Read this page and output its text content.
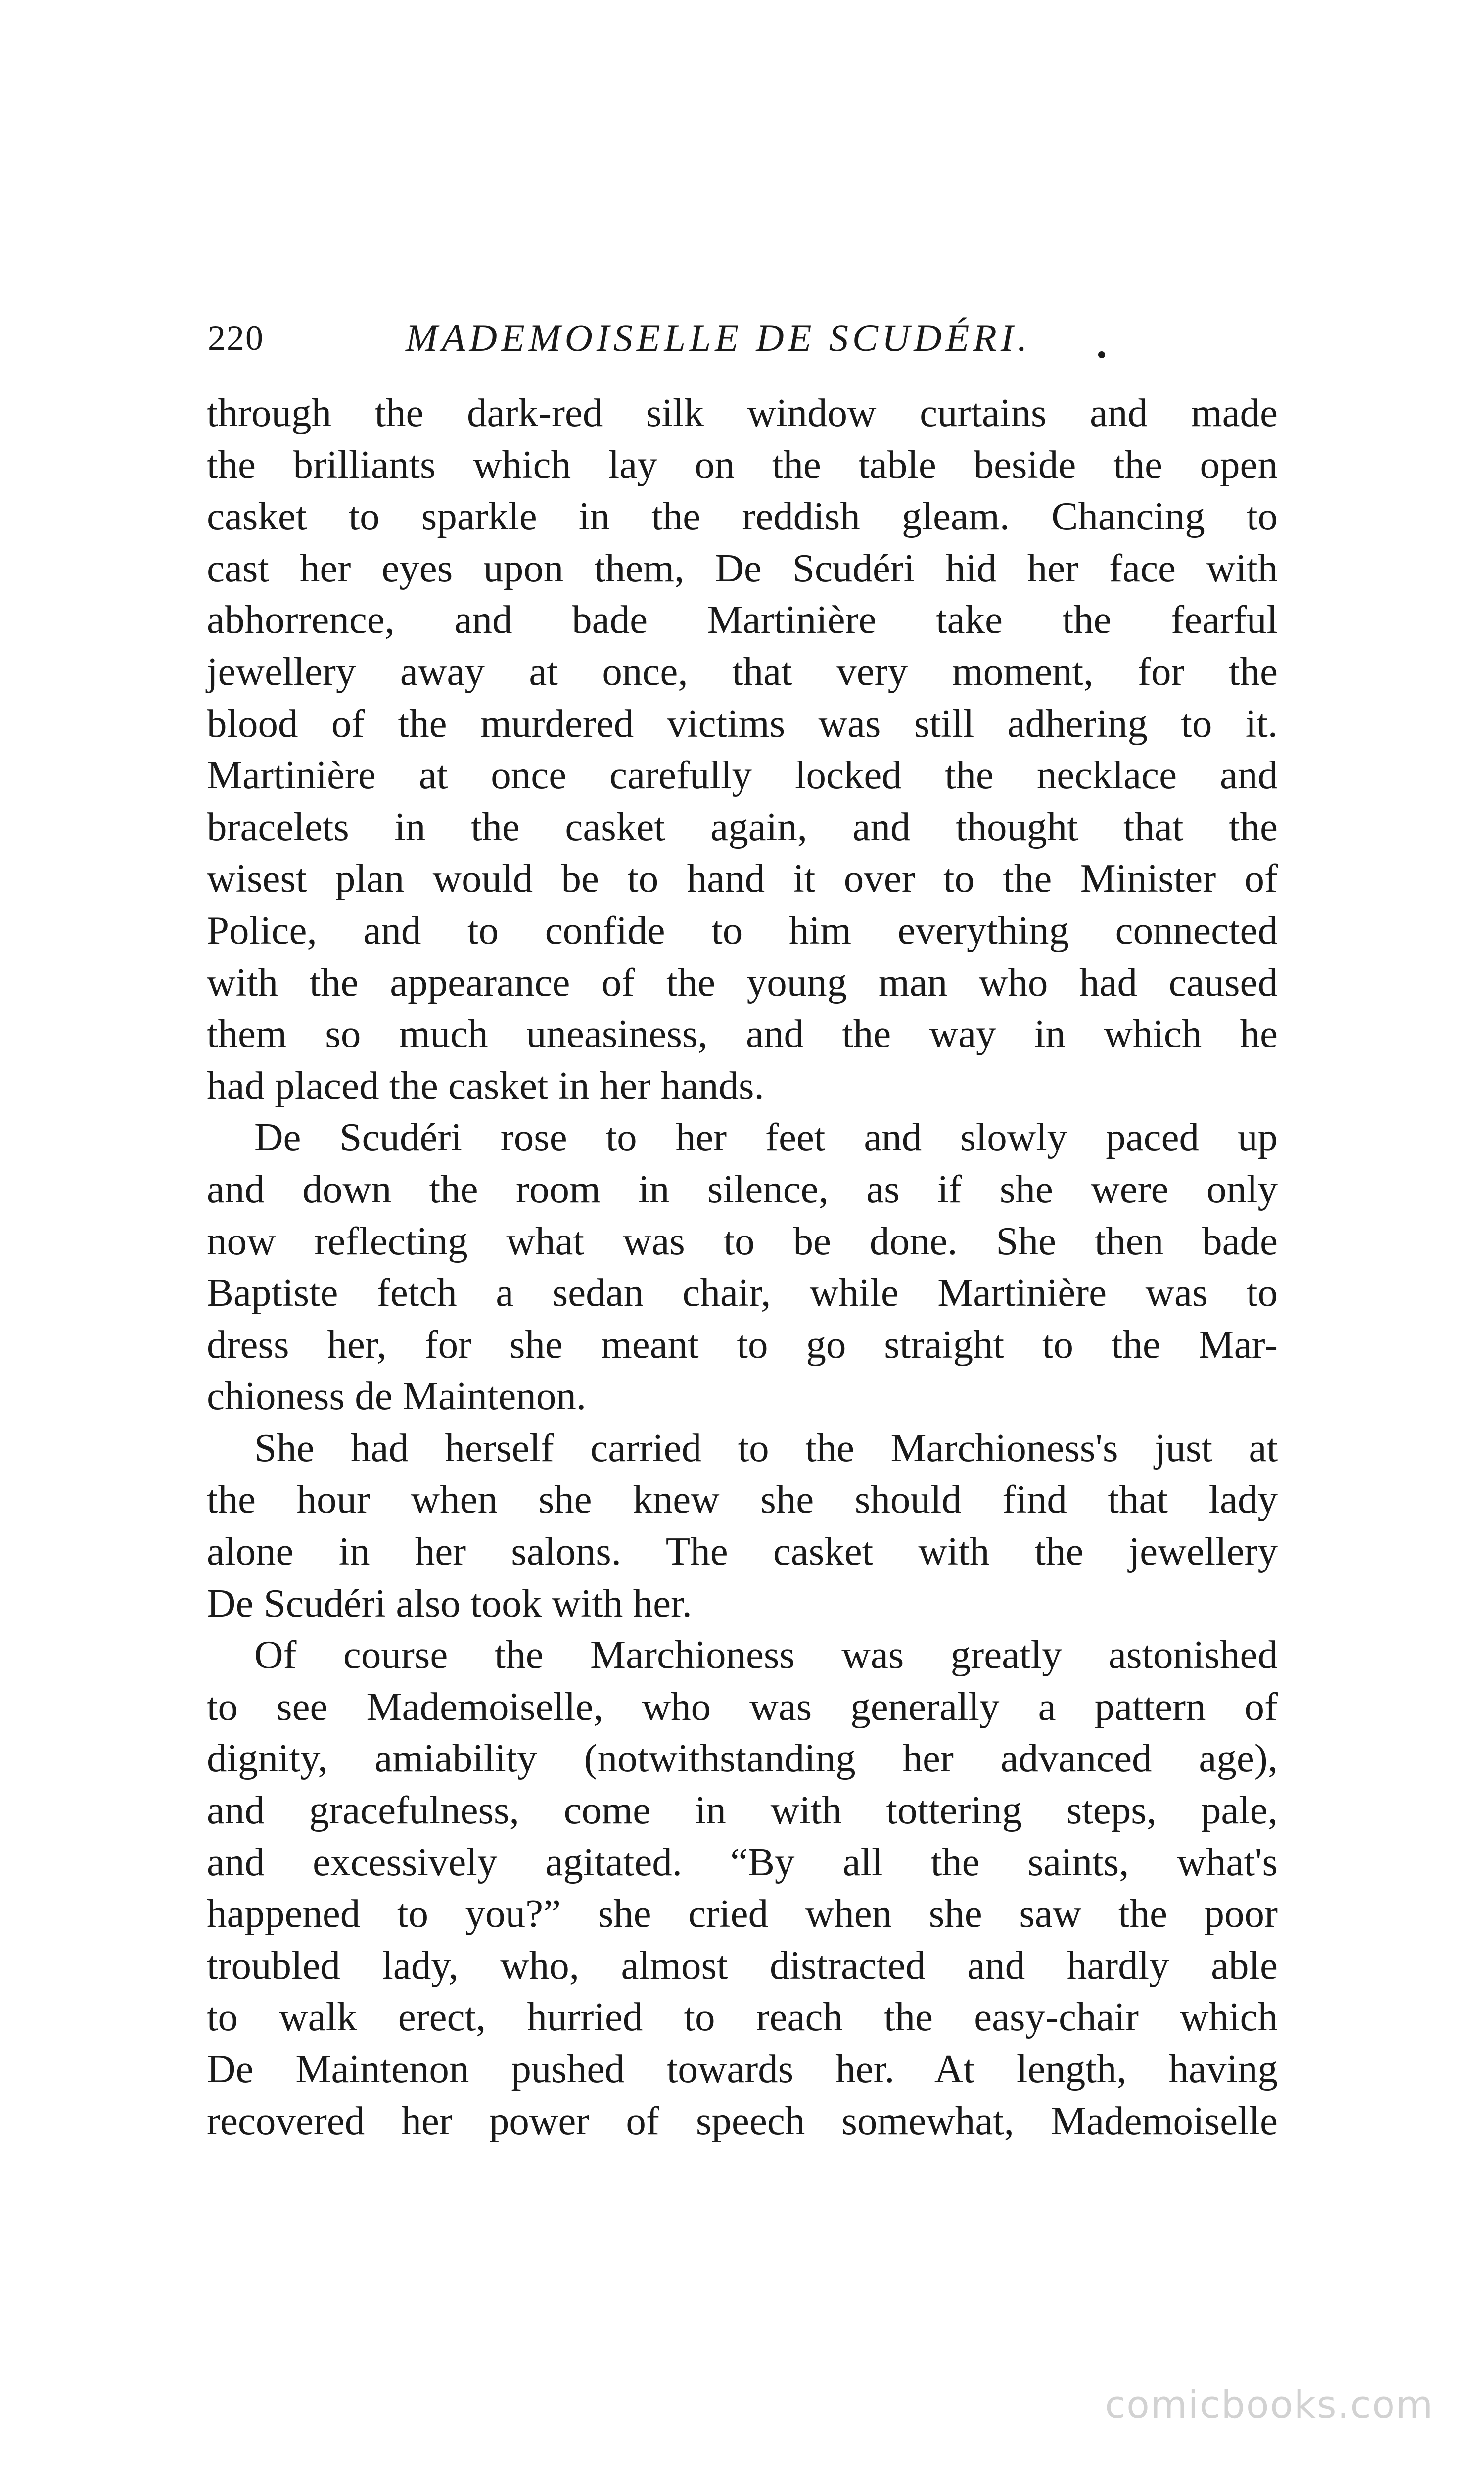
220	MADEMOISELLE DE SCUDÉRI.
through the dark-red silk window curtains and made
the brilliants which lay on the table beside the open
casket to sparkle in the reddish gleam. Chancing to
cast her eyes upon them, De Scudéri hid her face with
abhorrence, and bade Martinière take the fearful
jewellery away at once, that very moment, for the
blood of the murdered victims was still adhering to it.
Martinière at once carefully locked the necklace and
bracelets in the casket again, and thought that the
wisest plan would be to hand it over to the Minister of
Police, and to confide to him everything connected
with the appearance of the young man who had caused
them so much uneasiness, and the way in which he
had placed the casket in her hands.
De Scudéri rose to her feet and slowly paced up
and down the room in silence, as if she were only
now reflecting what was to be done. She then bade
Baptiste fetch a sedan chair, while Martinière was to
dress her, for she meant to go straight to the Mar-
chioness de Maintenon.
She had herself carried to the Marchioness's just at
the hour when she knew she should find that lady
alone in her salons. The casket with the jewellery
De Scudéri also took with her.
Of course the Marchioness was greatly astonished
to see Mademoiselle, who was generally a pattern of
dignity, amiability (notwithstanding her advanced age),
and gracefulness, come in with tottering steps, pale,
and excessively agitated. “By all the saints, what's
happened to you?” she cried when she saw the poor
troubled lady, who, almost distracted and hardly able
to walk erect, hurried to reach the easy-chair which
De Maintenon pushed towards her. At length, having
recovered her power of speech somewhat, Mademoiselle
comicbooks.com
